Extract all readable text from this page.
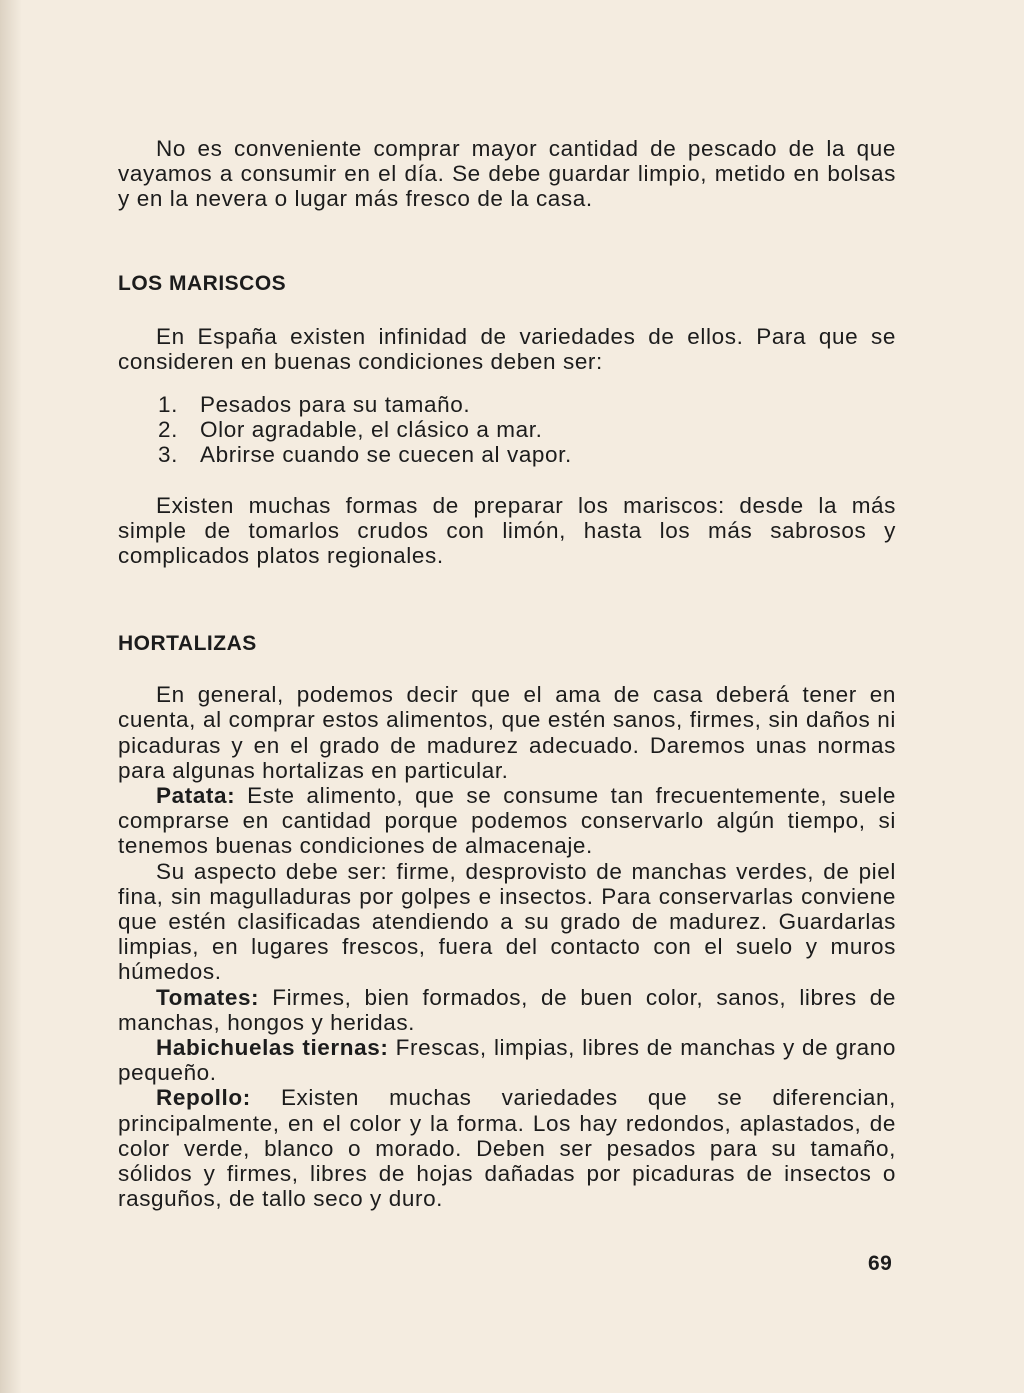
No es conveniente comprar mayor cantidad de pescado de la que vayamos a consumir en el día. Se debe guardar limpio, metido en bolsas y en la nevera o lugar más fresco de la casa.

LOS MARISCOS

En España existen infinidad de variedades de ellos. Para que se consideren en buenas condiciones deben ser:

1. Pesados para su tamaño.
2. Olor agradable, el clásico a mar.
3. Abrirse cuando se cuecen al vapor.

Existen muchas formas de preparar los mariscos: desde la más simple de tomarlos crudos con limón, hasta los más sabrosos y complicados platos regionales.

HORTALIZAS

En general, podemos decir que el ama de casa deberá tener en cuenta, al comprar estos alimentos, que estén sanos, firmes, sin daños ni picaduras y en el grado de madurez adecuado. Daremos unas normas para algunas hortalizas en particular.

Patata: Este alimento, que se consume tan frecuentemente, suele comprarse en cantidad porque podemos conservarlo algún tiempo, si tenemos buenas condiciones de almacenaje.

Su aspecto debe ser: firme, desprovisto de manchas verdes, de piel fina, sin magulladuras por golpes e insectos. Para conservarlas conviene que estén clasificadas atendiendo a su grado de madurez. Guardarlas limpias, en lugares frescos, fuera del contacto con el suelo y muros húmedos.

Tomates: Firmes, bien formados, de buen color, sanos, libres de manchas, hongos y heridas.

Habichuelas tiernas: Frescas, limpias, libres de manchas y de grano pequeño.

Repollo: Existen muchas variedades que se diferencian, principalmente, en el color y la forma. Los hay redondos, aplastados, de color verde, blanco o morado. Deben ser pesados para su tamaño, sólidos y firmes, libres de hojas dañadas por picaduras de insectos o rasguños, de tallo seco y duro.

69
